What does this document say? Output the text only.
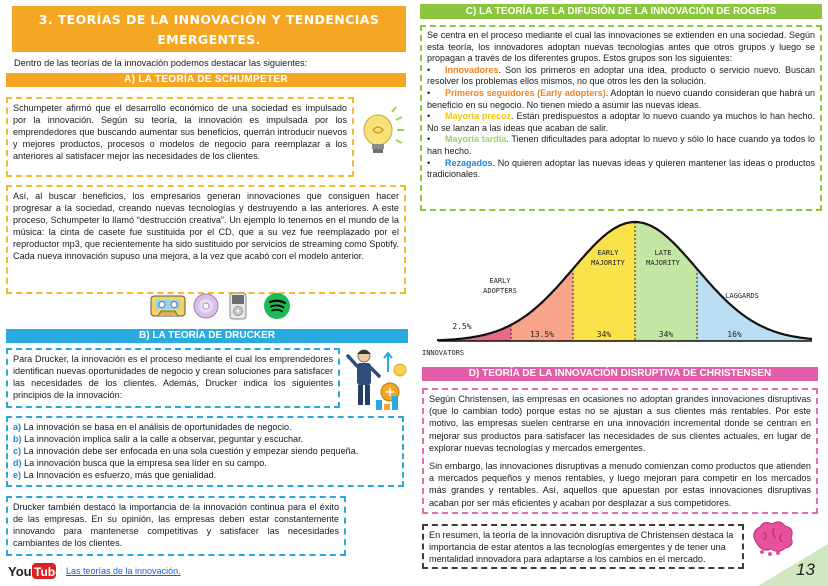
3. TEORÍAS DE LA INNOVACIÓN Y TENDENCIAS EMERGENTES.
Dentro de las teorías de la innovación podemos destacar las siguientes:
A) LA TEORÍA DE SCHUMPETER
Schumpeter afirmó que el desarrollo económico de una sociedad es impulsado por la innovación. Según su teoría, la innovación es impulsada por los emprendedores que buscando aumentar sus beneficios, querrán introducir nuevos y mejores productos, procesos o modelos de negocio para reemplazar a los anteriores al satisfacer mejor las necesidades de los clientes.
Así, al buscar beneficios, los empresarios generan innovaciones que consiguen hacer progresar a la sociedad, creando nuevas tecnologías y destruyendo a las anteriores. A este proceso, Schumpeter lo llamó “destrucción creativa”. Un ejemplo lo tenemos en el mundo de la música: la cinta de casete fue sustituida por el CD, que a su vez fue reemplazado por el reproductor mp3, que recientemente ha sido sustituido por servicios de streaming como Spotify. Cada nueva innovación supuso una mejora, a la vez que acabó con el modelo anterior.
B) LA TEORÍA DE DRUCKER
Para Drucker, la innovación es el proceso mediante el cual los emprendedores identifican nuevas oportunidades de negocio y crean soluciones para satisfacer las necesidades de los clientes. Además, Drucker indica los siguientes principios de la innovación:

a) La innovación se basa en el análisis de oportunidades de negocio.

b) La innovación implica salir a la calle a observar, peguntar y escuchar.

c) La innovación debe ser enfocada en una sola cuestión y empezar siendo pequeña.

d) La innovación busca que la empresa sea líder en su campo.

e) La Innovación es esfuerzo, más que genialidad.

Drucker también destacó la importancia de la innovación continua para el éxito de las empresas. En su opinión, las empresas deben estar constantemente innovando para mantenerse competitivas y satisfacer las necesidades cambiantes de los clientes.
C) LA TEORÍA DE LA DIFUSIÓN DE LA INNOVACIÓN DE ROGERS
Se centra en el proceso mediante el cual las innovaciones se extienden en una sociedad. Según esta teoría, los innovadores adoptan nuevas tecnologías antes que otros grupos y luego se propagan a través de los diferentes grupos. Estos grupos son los siguientes:

• Innovadores. Son los primeros en adoptar una idea, producto o servicio nuevo. Buscan resolver los problemas ellos mismos, no que otros les den la solución.

• Primeros seguidores (Early adopters). Adoptan lo nuevo cuando consideran que habrá un beneficio en su negocio. No tienen miedo a asumir las nuevas ideas.

• Mayoría precoz. Están predispuestos a adoptar lo nuevo cuando ya muchos lo han hecho. No se lanzan a las ideas que acaban de salir.

• Mayoría tardía. Tienen dificultades para adoptar lo nuevo y sólo lo hace cuando ya todos lo han hecho.

• Rezagados. No quieren adoptar las nuevas ideas y quieren mantener las ideas o productos tradicionales.

2.5%
13.5%	34%	34%	16%
INNOVATORS
EARLY
ADOPTERS
EARLY
MAJORITY
LATE
MAJORITY
LAGGARDS
D) TEORÍA DE LA INNOVACIÓN DISRUPTIVA DE CHRISTENSEN
Según Christensen, las empresas en ocasiones no adoptan grandes innovaciones disruptivas (que lo cambian todo) porque estas no se ajustan a sus clientes más rentables. Por este motivo, las empresas suelen centrarse en una innovación incremental donde se centran en mejorar sus productos para satisfacer las necesidades de sus clientes actuales, en lugar de explorar nuevas tecnologías y mercados emergentes.
Sin embargo, las innovaciones disruptivas a menudo comienzan como productos que atienden a mercados pequeños y menos rentables, y luego mejoran para competir en los mercados más grandes y rentables. Así, aquellos que apuestan por estas innovaciones disruptivas acaban por ser más eficientes y acaban por desplazar a sus competidores.
En resumen, la teoría de la innovación disruptiva de Christensen destaca la importancia de estar atentos a las tecnologías emergentes y de tener una mentalidad innovadora para adaptarse a los cambios en el mercado.
You Tube Las teorías de la innovación.	13
